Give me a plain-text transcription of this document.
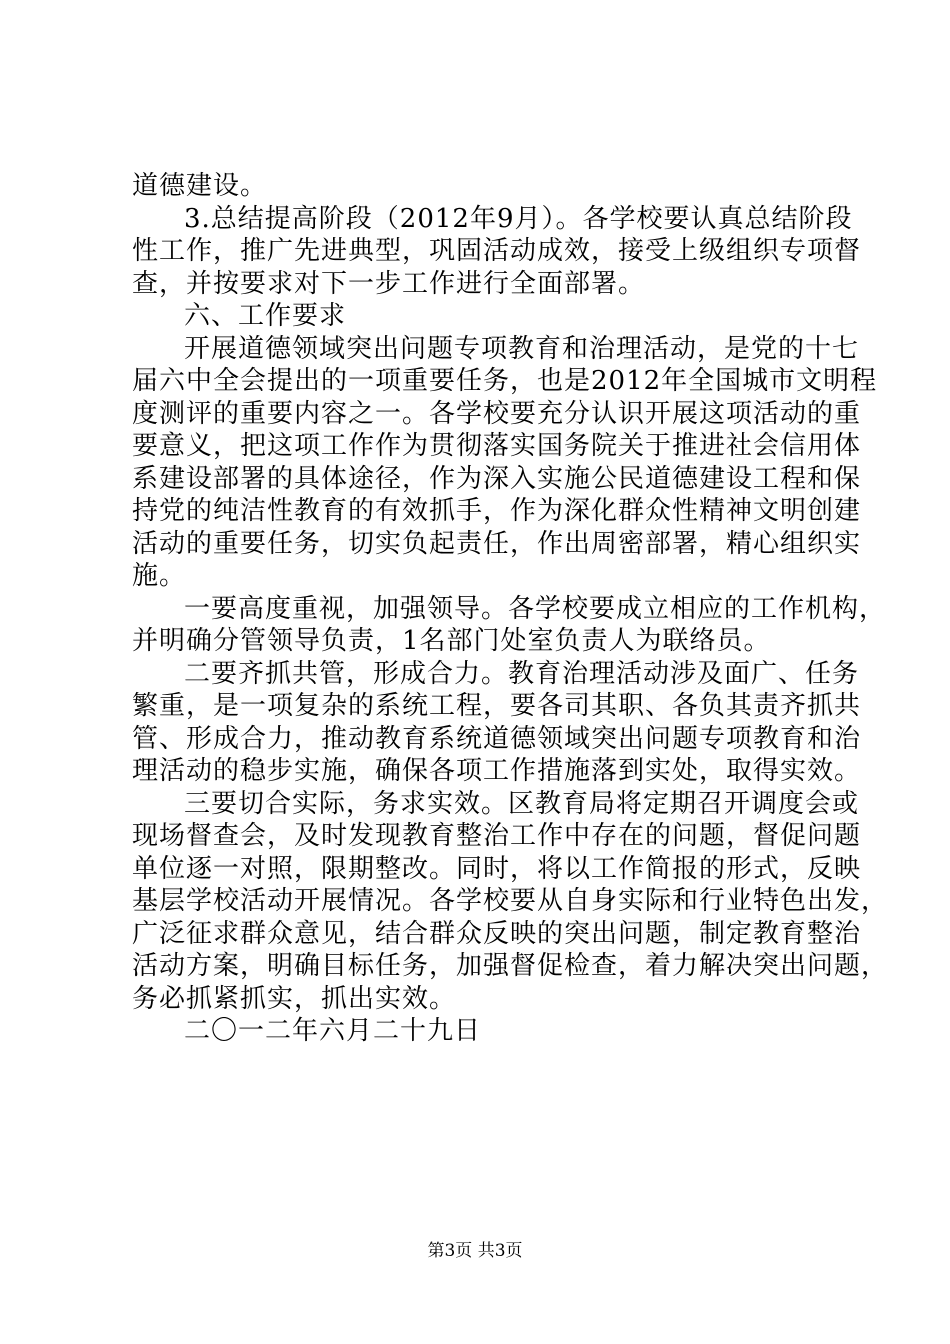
道德建设。
3.总结提高阶段（2012年9月）。各学校要认真总结阶段
性工作，推广先进典型，巩固活动成效，接受上级组织专项督
查，并按要求对下一步工作进行全面部署。
六、工作要求
开展道德领域突出问题专项教育和治理活动，是党的十七
届六中全会提出的一项重要任务，也是2012年全国城市文明程
度测评的重要内容之一。各学校要充分认识开展这项活动的重
要意义，把这项工作作为贯彻落实国务院关于推进社会信用体
系建设部署的具体途径，作为深入实施公民道德建设工程和保
持党的纯洁性教育的有效抓手，作为深化群众性精神文明创建
活动的重要任务，切实负起责任，作出周密部署，精心组织实
施。
一要高度重视，加强领导。各学校要成立相应的工作机构，
并明确分管领导负责，1名部门处室负责人为联络员。
二要齐抓共管，形成合力。教育治理活动涉及面广、任务
繁重，是一项复杂的系统工程，要各司其职、各负其责齐抓共
管、形成合力，推动教育系统道德领域突出问题专项教育和治
理活动的稳步实施，确保各项工作措施落到实处，取得实效。
三要切合实际，务求实效。区教育局将定期召开调度会或
现场督查会，及时发现教育整治工作中存在的问题，督促问题
单位逐一对照，限期整改。同时，将以工作简报的形式，反映
基层学校活动开展情况。各学校要从自身实际和行业特色出发，
广泛征求群众意见，结合群众反映的突出问题，制定教育整治
活动方案，明确目标任务，加强督促检查，着力解决突出问题，
务必抓紧抓实，抓出实效。
二〇一二年六月二十九日
第3页 共3页
